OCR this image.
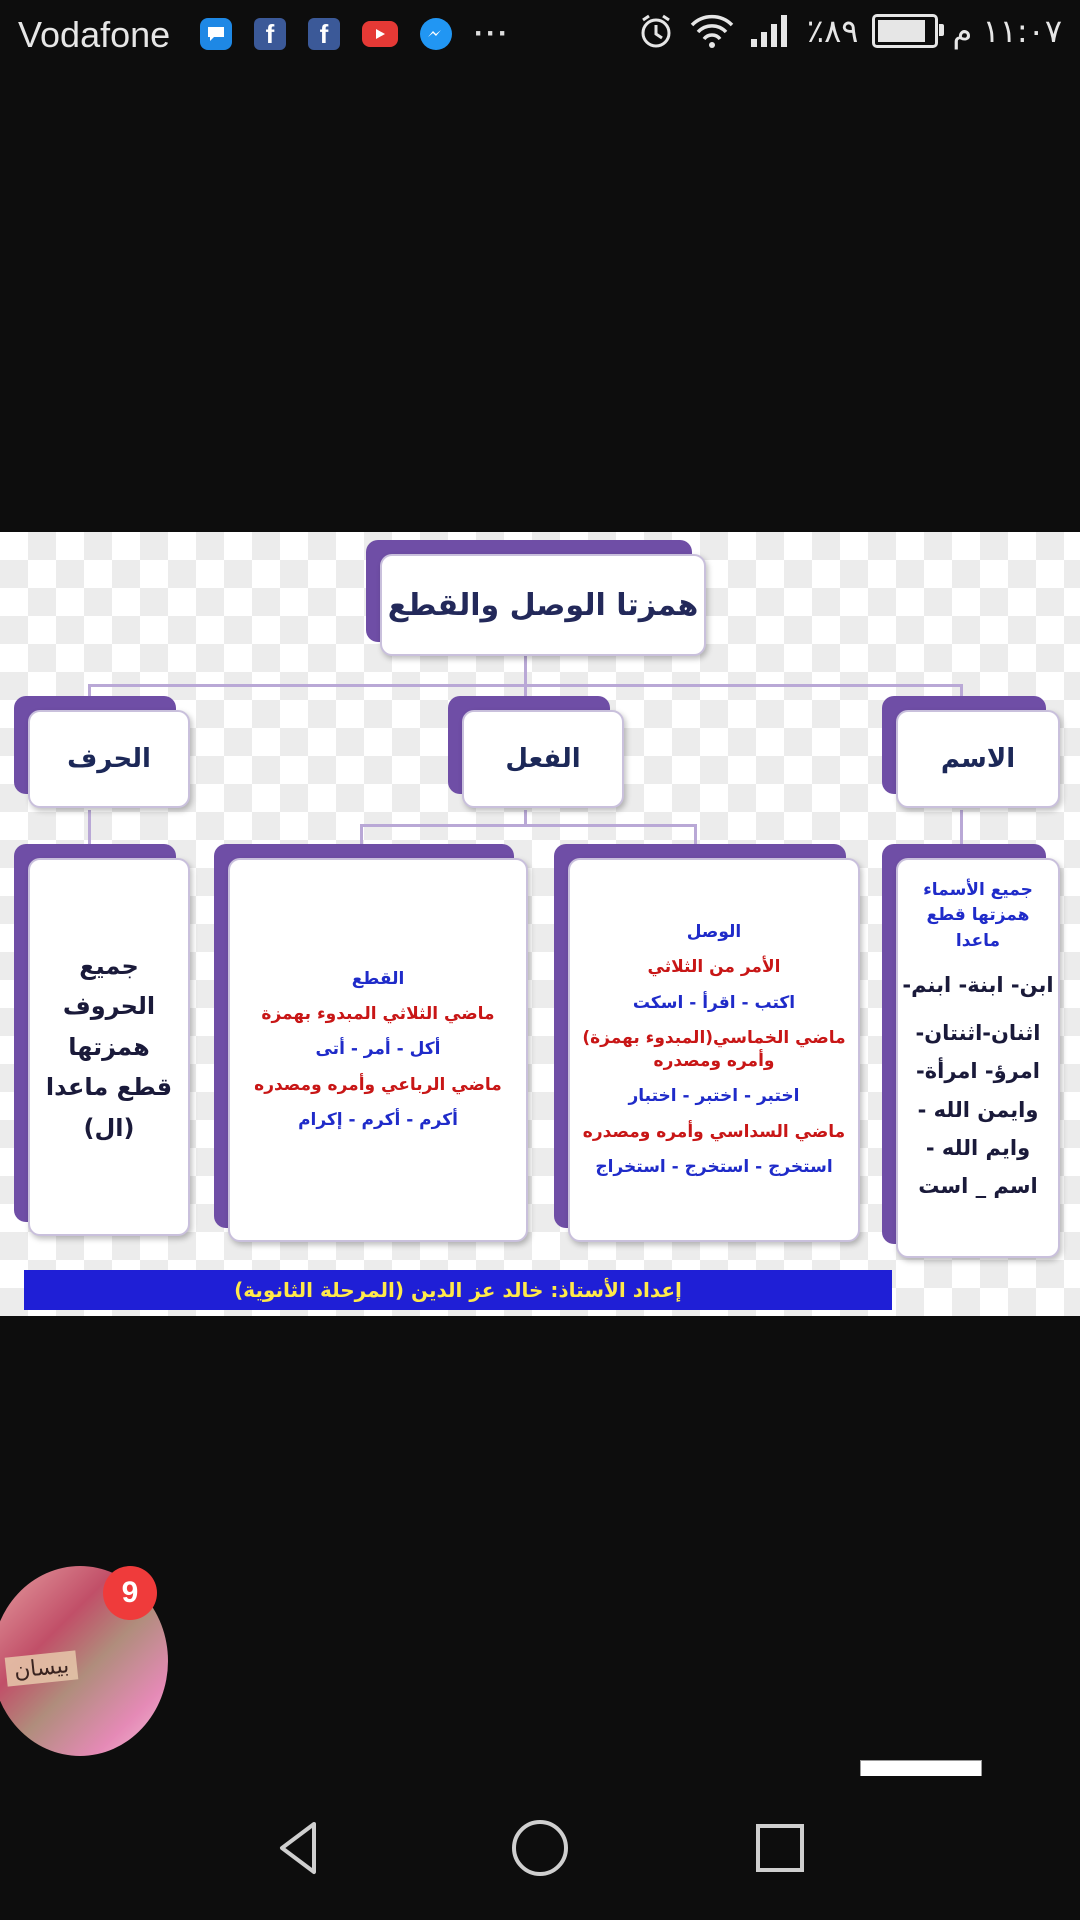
Vodafone	f	f	···	٪٨٩	١١:٠٧ م
همزتا الوصل والقطع
الحرف	الفعل	الاسم
جميع
الحروف
همزتها
قطع ماعدا
(ال)
القطع
ماضي الثلاثي المبدوء بهمزة
أكل - أمر - أتى
ماضي الرباعي وأمره ومصدره
أكرم - أكرم - إكرام
الوصل
الأمر من الثلاثي
اكتب - اقرأ - اسكت
ماضي الخماسي(المبدوء بهمزة)
وأمره ومصدره
اختبر - اختبر - اختبار
ماضي السداسي وأمره ومصدره
استخرج - استخرج - استخراج
جميع الأسماء
همزتها قطع
ماعدا
ابن- ابنة- ابنم-
اثنان-اثنتان-
امرؤ- امرأة-
وايمن الله -
وايم الله -
اسم _ است
إعداد الأستاذ: خالد عز الدين (المرحلة الثانوية)
بيسان
9
